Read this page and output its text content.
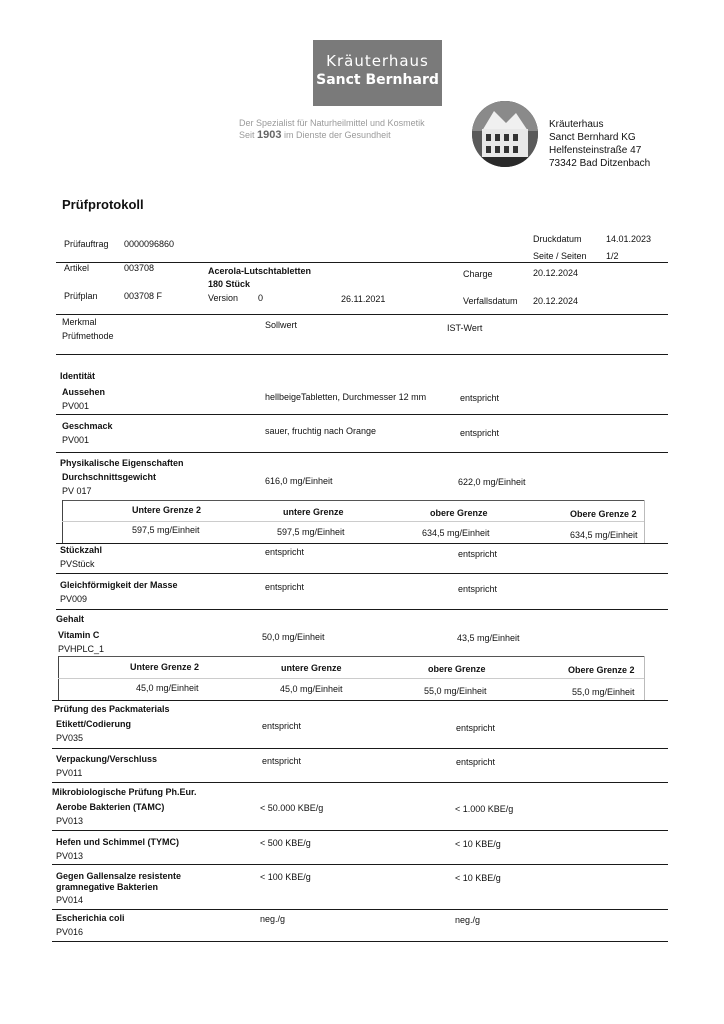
Kräuterhaus
Sanct Bernhard
Der Spezialist für Naturheilmittel und Kosmetik
Seit 1903 im Dienste der Gesundheit
Kräuterhaus
Sanct Bernhard KG
Helfensteinstraße 47
73342 Bad Ditzenbach
Prüfprotokoll
Prüfauftrag 0000096860	Druckdatum	14.01.2023
Seite / Seiten 1/2
Artikel	003708	Acerola-Lutschtabletten
180 Stück
Charge	20.12.2024
Prüfplan	003708 F	Version 0	26.11.2021	Verfallsdatum 20.12.2024
Merkmal
Prüfmethode
Sollwert	IST-Wert
Identität
Aussehen
PV001
hellbeigeTabletten, Durchmesser 12 mm	entspricht
Geschmack
PV001
sauer, fruchtig nach Orange	entspricht
Physikalische Eigenschaften
Durchschnittsgewicht
PV 017
616,0 mg/Einheit	622,0 mg/Einheit
Untere Grenze 2	untere Grenze	obere Grenze	Obere Grenze 2
597,5 mg/Einheit	597,5 mg/Einheit	634,5 mg/Einheit	634,5 mg/Einheit
Stückzahl
PVStück
entspricht	entspricht
Gleichförmigkeit der Masse
PV009
entspricht	entspricht
Gehalt
Vitamin C
PVHPLC_1
50,0 mg/Einheit	43,5 mg/Einheit
Untere Grenze 2	untere Grenze	obere Grenze	Obere Grenze 2
45,0 mg/Einheit	45,0 mg/Einheit	55,0 mg/Einheit	55,0 mg/Einheit
Prüfung des Packmaterials
Etikett/Codierung
PV035
entspricht	entspricht
Verpackung/Verschluss
PV011
entspricht	entspricht
Mikrobiologische Prüfung Ph.Eur.
Aerobe Bakterien (TAMC)
PV013
< 50.000 KBE/g	< 1.000 KBE/g
Hefen und Schimmel (TYMC)
PV013
< 500 KBE/g	< 10 KBE/g
Gegen Gallensalze resistente
gramnegative Bakterien
PV014
< 100 KBE/g	< 10 KBE/g
Escherichia coli
PV016
neg./g	neg./g
